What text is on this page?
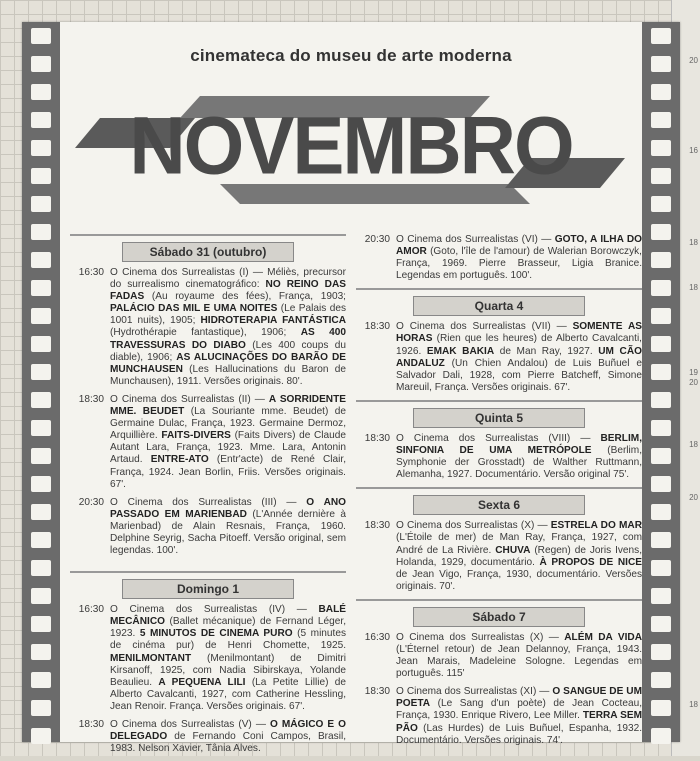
20
16
18
18
19
20
18
20
18
cinemateca do museu de arte moderna
NOVEMBRO
Sábado 31 (outubro)
16:30 O Cinema dos Surrealistas (I) — Méliès, precursor do surrealismo cinematográfico: NO REINO DAS FADAS (Au royaume des fées), França, 1903; PALÁCIO DAS MIL E UMA NOITES (Le Palais des 1001 nuits), 1905; HIDROTERAPIA FANTÁSTICA (Hydrothérapie fantastique), 1906; AS 400 TRAVESSURAS DO DIABO (Les 400 coups du diable), 1906; AS ALUCINAÇÕES DO BARÃO DE MUNCHAUSEN (Les Hallucinations du Baron de Munchausen), 1911. Versões originais. 80'.
18:30 O Cinema dos Surrealistas (II) — A SORRIDENTE MME. BEUDET (La Souriante mme. Beudet) de Germaine Dulac, França, 1923. Germaine Dermoz, Arquillière. FAITS-DIVERS (Faits Divers) de Claude Autant Lara, França, 1923. Mme. Lara, Antonin Artaud. ENTRE-ATO (Entr'acte) de René Clair, França, 1924. Jean Borlin, Friis. Versões originais. 67'.
20:30 O Cinema dos Surrealistas (III) — O ANO PASSADO EM MARIENBAD (L'Année dernière à Marienbad) de Alain Resnais, França, 1960. Delphine Seyrig, Sacha Pitoeff. Versão original, sem legendas. 100'.
Domingo 1
16:30 O Cinema dos Surrealistas (IV) — BALÉ MECÂNICO (Ballet mécanique) de Fernand Léger, 1923. 5 MINUTOS DE CINEMA PURO (5 minutes de cinéma pur) de Henri Chomette, 1925. MENILMONTANT (Menilmontant) de Dimitri Kirsanoff, 1925, com Nadia Sibirskaya, Yolande Beaulieu. A PEQUENA LILI (La Petite Lillie) de Alberto Cavalcanti, 1927, com Catherine Hessling, Jean Renoir. França. Versões originais. 67'.
18:30 O Cinema dos Surrealistas (V) — O MÁGICO E O DELEGADO de Fernando Coni Campos, Brasil, 1983. Nelson Xavier, Tânia Alves.
20:30 O Cinema dos Surrealistas (VI) — GOTO, A ILHA DO AMOR (Goto, l'île de l'amour) de Walerian Borowczyk, França, 1969. Pierre Brasseur, Ligia Branice. Legendas em português. 100'.
Quarta 4
18:30 O Cinema dos Surrealistas (VII) — SOMENTE AS HORAS (Rien que les heures) de Alberto Cavalcanti, 1926. EMAK BAKIA de Man Ray, 1927. UM CÃO ANDALUZ (Un Chien Andalou) de Luis Buñuel e Salvador Dali, 1928, com Pierre Batcheff, Simone Mareuil, França. Versões originais. 67'.
Quinta 5
18:30 O Cinema dos Surrealistas (VIII) — BERLIM, SINFONIA DE UMA METRÓPOLE (Berlim, Symphonie der Grosstadt) de Walther Ruttmann, Alemanha, 1927. Documentário. Versão original 75'.
Sexta 6
18:30 O Cinema dos Surrealistas (X) — ESTRELA DO MAR (L'Étoile de mer) de Man Ray, França, 1927, com André de La Rivière. CHUVA (Regen) de Joris Ivens, Holanda, 1929, documentário. À PROPOS DE NICE de Jean Vigo, França, 1930, documentário. Versões originais. 70'.
Sábado 7
16:30 O Cinema dos Surrealistas (X) — ALÉM DA VIDA (L'Éternel retour) de Jean Delannoy, França, 1943. Jean Marais, Madeleine Sologne. Legendas em português. 115'
18:30 O Cinema dos Surrealistas (XI) — O SANGUE DE UM POETA (Le Sang d'un poète) de Jean Cocteau, França, 1930. Enrique Rivero, Lee Miller. TERRA SEM PÃO (Las Hurdes) de Luis Buñuel, Espanha, 1932. Documentário. Versões originais. 74'.
